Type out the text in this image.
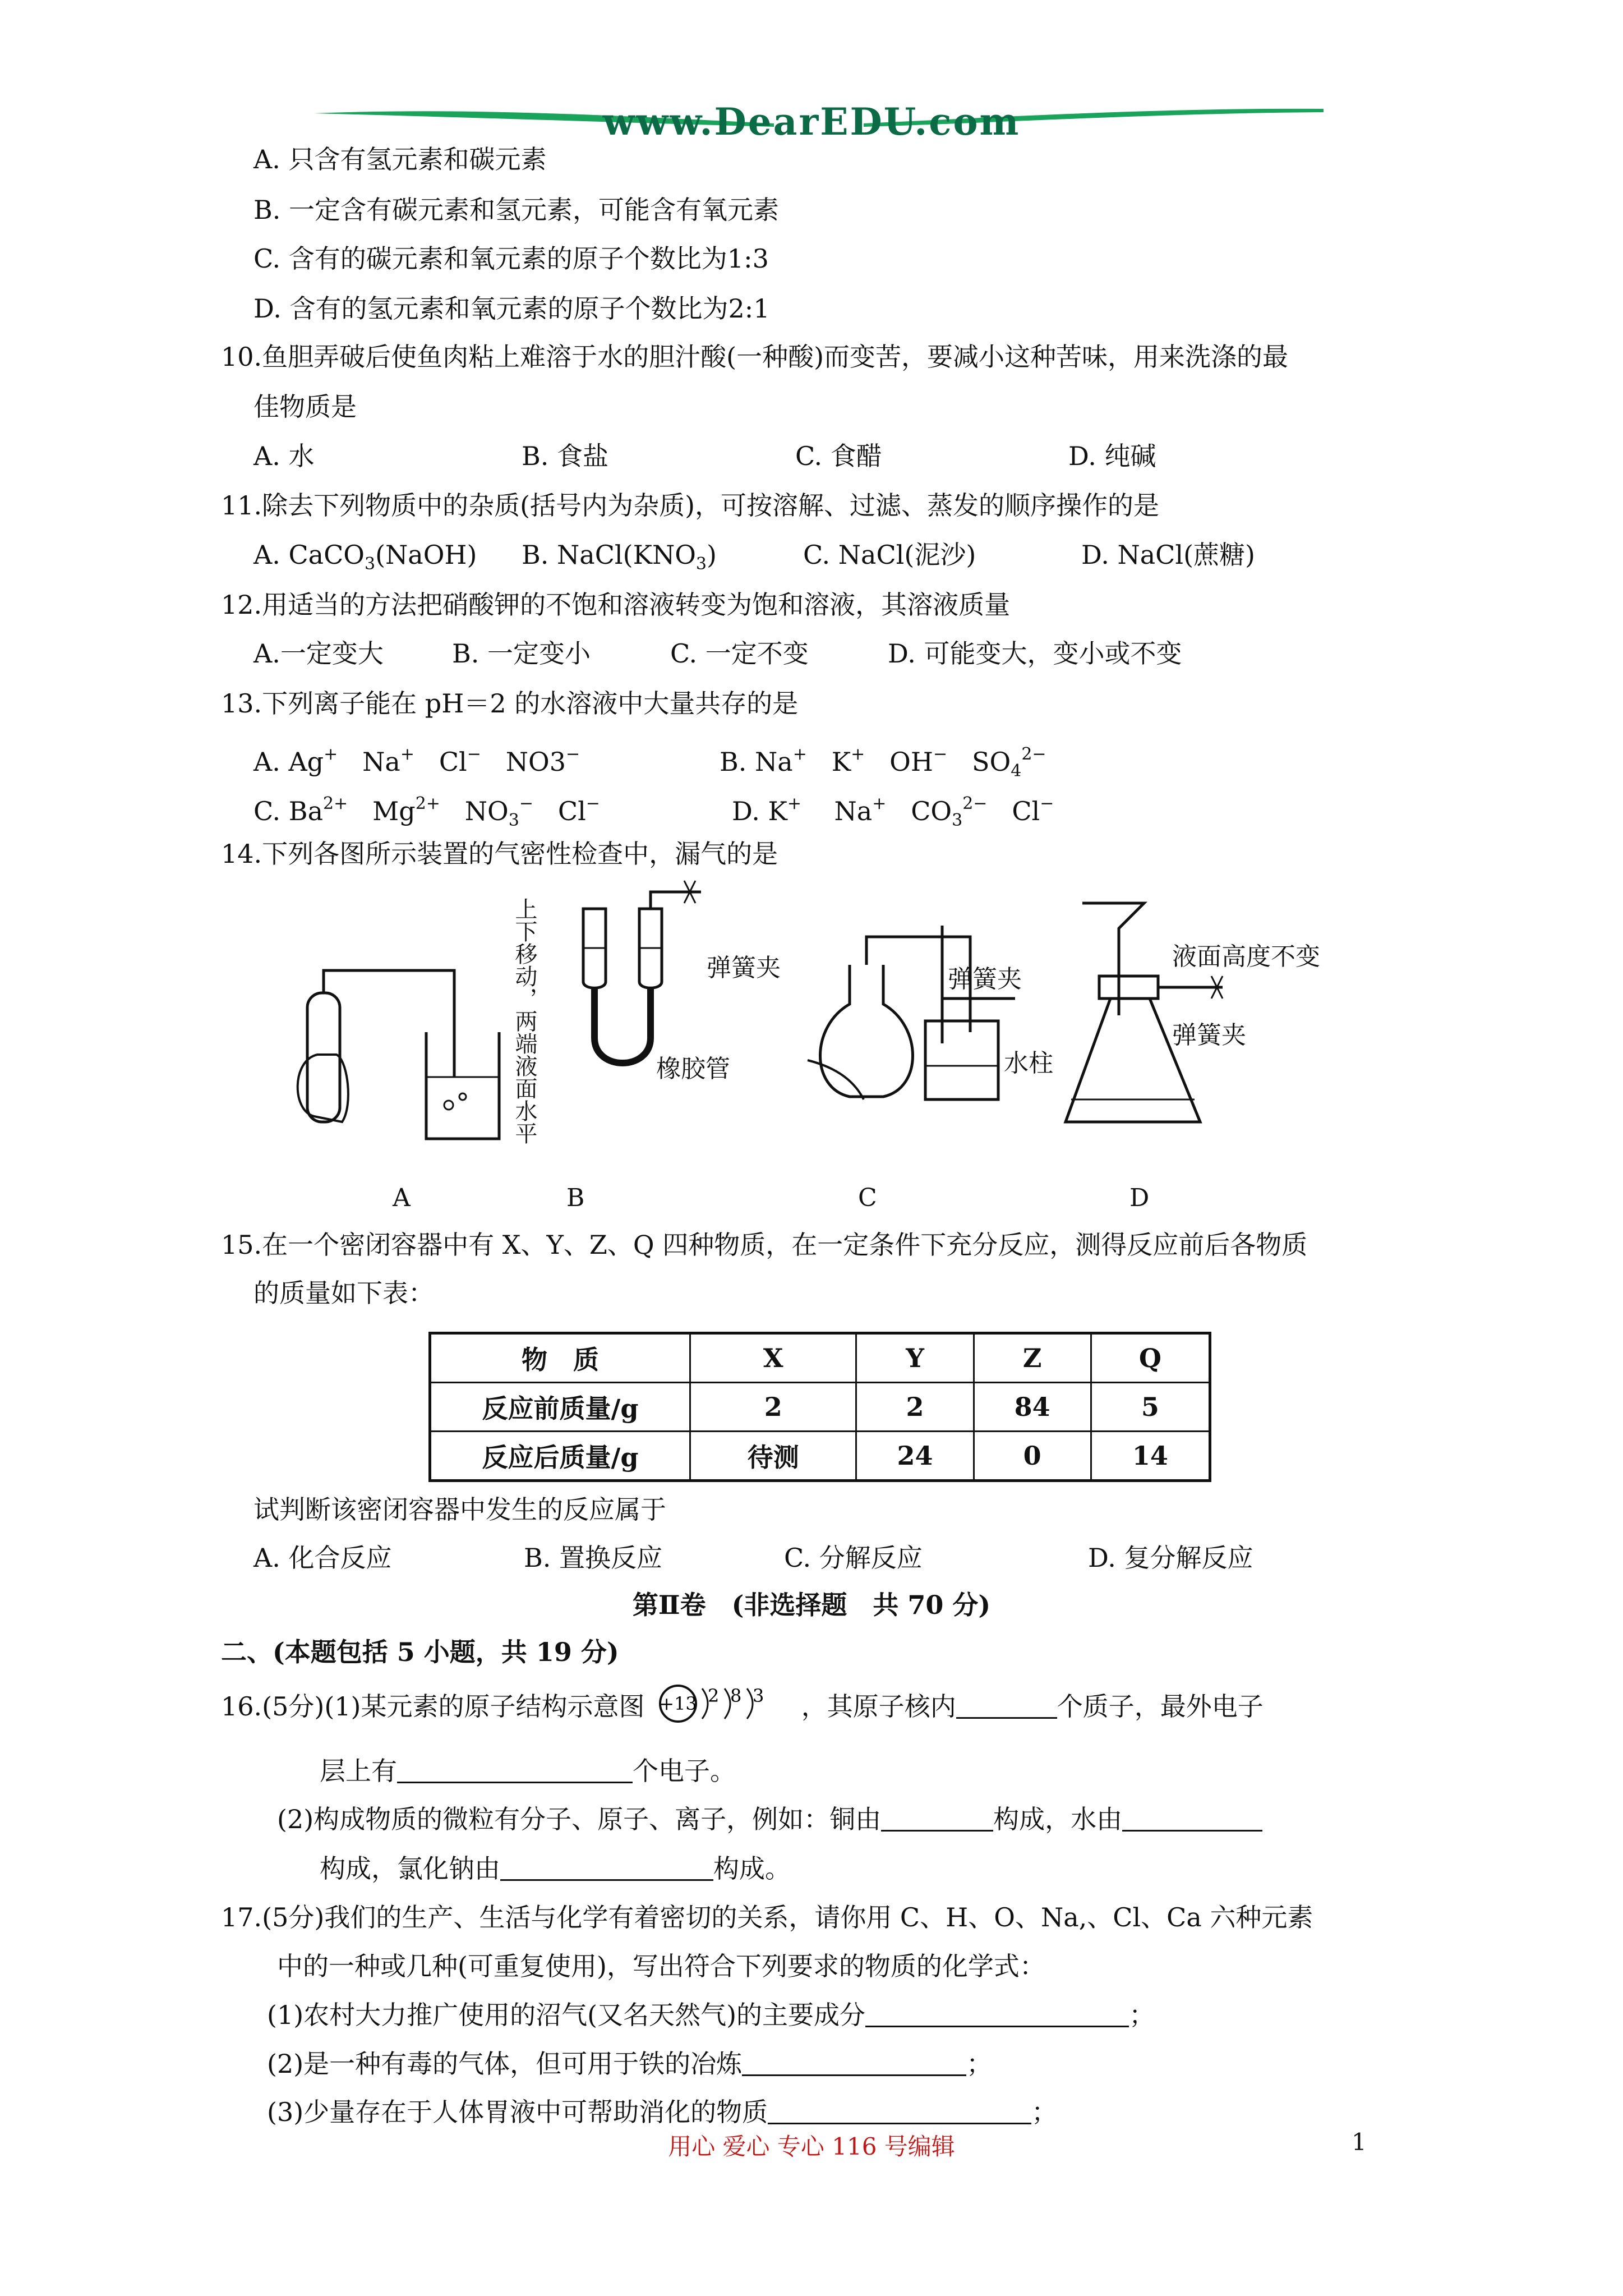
www.DearEDU.com
A. 只含有氢元素和碳元素
B. 一定含有碳元素和氢元素，可能含有氧元素
C. 含有的碳元素和氧元素的原子个数比为1:3
D. 含有的氢元素和氧元素的原子个数比为2:1
10.鱼胆弄破后使鱼肉粘上难溶于水的胆汁酸(一种酸)而变苦，要减小这种苦味，用来洗涤的最
佳物质是
A. 水	B. 食盐	C. 食醋	D. 纯碱
11.除去下列物质中的杂质(括号内为杂质)，可按溶解、过滤、蒸发的顺序操作的是
A. CaCO$_3$(NaOH) B. $NaCl(KNO_3)$	C. NaCl(泥沙)	D. NaCl(蔗糖)
12.用适当的方法把硝酸钾的不饱和溶液转变为饱和溶液，其溶液质量
A.一定变大	B. 一定变小	C. 一定不变	D. 可能变大，变小或不变
13.下列离子能在 pH＝2 的水溶液中大量共存的是
A. Ag+ Na+ Cl− NO3−	B. Na+ K+ OH− $SO_4^{2-}$
C. $Ba^{2+}$ $Mg^{2+}$ $NO_3^-$ Cl−	D. K+ Na+ $CO_3^{2-}$ Cl−
14.下列各图所示装置的气密性检查中，漏气的是
A	B	C	D
弹簧夹
橡胶管
弹簧夹
水柱
液面高度不变
弹簧夹
上下移动，两端液面水平
15.在一个密闭容器中有 X、Y、Z、Q 四种物质，在一定条件下充分反应，测得反应前后各物质
的质量如下表：
物　质	X	Y	Z	Q
反应前质量/g	2	2	84	5
反应后质量/g	待测	24	0	14
试判断该密闭容器中发生的反应属于
A. 化合反应	B. 置换反应	C. 分解反应	D. 复分解反应
第Ⅱ卷　(非选择题　共 70 分)
二、(本题包括 5 小题，共 19 分)
16.(5分)(1)某元素的原子结构示意图 +13 2 8 3 ，其原子核内	个质子，最外电子
层上有	个电子。
(2)构成物质的微粒有分子、原子、离子，例如：铜由	构成，水由
构成，氯化钠由	构成。
17.(5分)我们的生产、生活与化学有着密切的关系，请你用 C、H、O、Na,、Cl、Ca 六种元素
中的一种或几种(可重复使用)，写出符合下列要求的物质的化学式：
(1)农村大力推广使用的沼气(又名天然气)的主要成分	；
(2)是一种有毒的气体，但可用于铁的冶炼	；
(3)少量存在于人体胃液中可帮助消化的物质	；
用心 爱心 专心 116 号编辑	1
